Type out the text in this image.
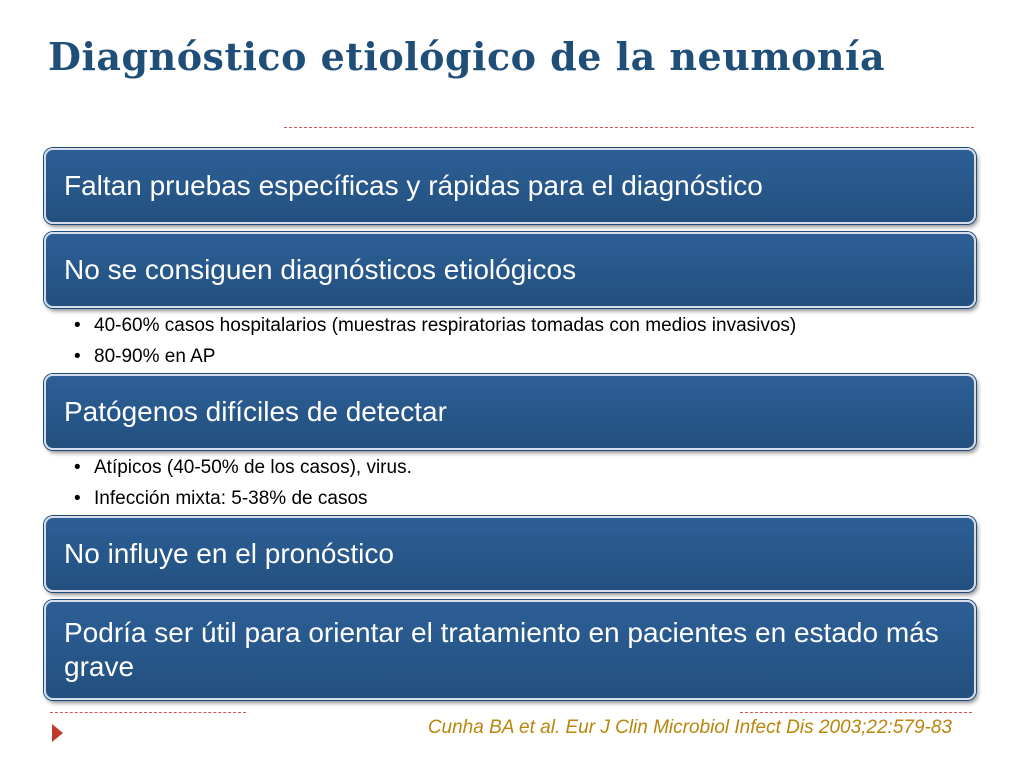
Diagnóstico etiológico de la neumonía
Faltan pruebas específicas y rápidas para el diagnóstico
No se consiguen diagnósticos etiológicos
• 40-60% casos hospitalarios (muestras respiratorias tomadas con medios invasivos)
• 80-90% en AP
Patógenos difíciles de detectar
• Atípicos (40-50% de los casos), virus.
• Infección mixta: 5-38% de casos
No influye en el pronóstico
Podría ser útil para orientar el tratamiento en pacientes en estado más grave
Cunha BA et al. Eur J Clin Microbiol Infect Dis 2003;22:579-83
